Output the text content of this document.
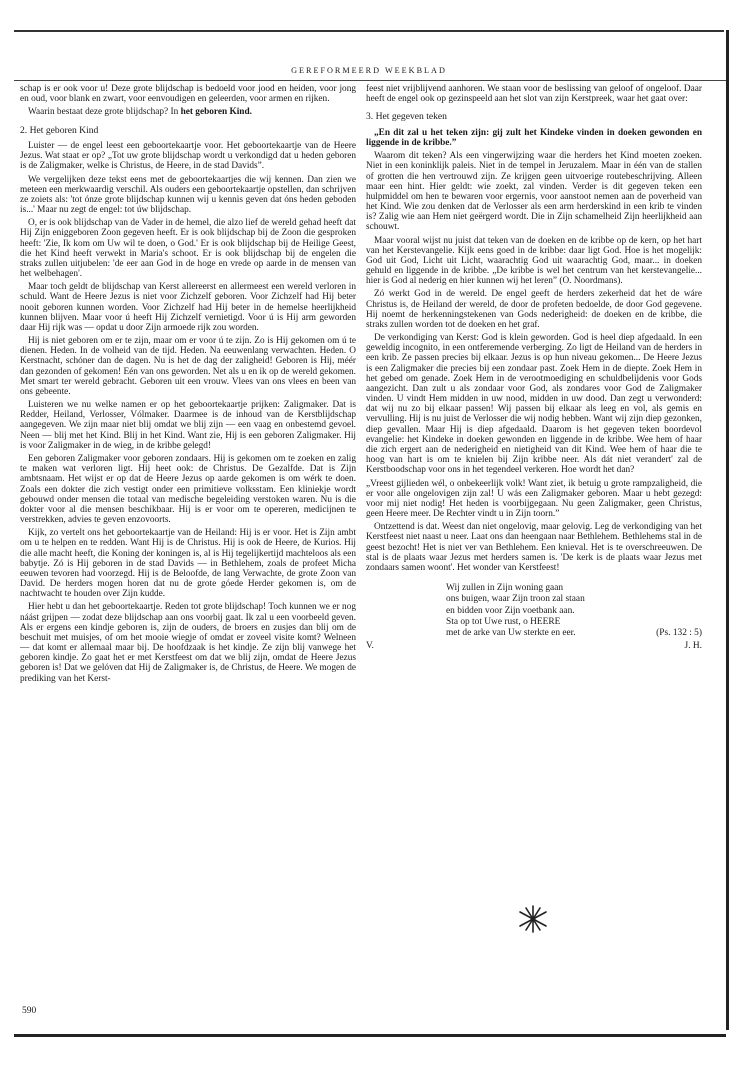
GEREFORMEERD WEEKBLAD

schap is er ook voor u! Deze grote blijdschap is bedoeld voor jood en heiden, voor jong en oud, voor blank en zwart, voor eenvoudigen en geleerden, voor armen en rijken.

Waarin bestaat deze grote blijdschap? In het geboren Kind.

2. Het geboren Kind

Luister — de engel leest een geboortekaartje voor. Het geboortekaartje van de Heere Jezus. Wat staat er op? „Tot uw grote blijdschap wordt u verkondigd dat u heden geboren is de Zaligmaker, welke is Christus, de Heere, in de stad Davids”.

We vergelijken deze tekst eens met de geboortekaartjes die wij kennen. Dan zien we meteen een merkwaardig verschil. Als ouders een geboortekaartje opstellen, dan schrijven ze zoiets als: 'tot ónze grote blijdschap kunnen wij u kennis geven dat óns heden geboden is...' Maar nu zegt de engel: tot úw blijdschap.

O, er is ook blijdschap van de Vader in de hemel, die alzo lief de wereld gehad heeft dat Hij Zijn eniggeboren Zoon gegeven heeft. Er is ook blijdschap bij de Zoon die gesproken heeft: 'Zie, Ik kom om Uw wil te doen, o God.' Er is ook blijdschap bij de Heilige Geest, die het Kind heeft verwekt in Maria's schoot. Er is ook blijdschap bij de engelen die straks zullen uitjubelen: 'de eer aan God in de hoge en vrede op aarde in de mensen van het welbehagen'.

Maar toch geldt de blijdschap van Kerst allereerst en allermeest een wereld verloren in schuld. Want de Heere Jezus is niet voor Zichzelf geboren. Voor Zichzelf had Hij beter nooit geboren kunnen worden. Voor Zichzelf had Hij beter in de hemelse heerlijkheid kunnen blijven. Maar voor ú heeft Hij Zichzelf vernietigd. Voor ú is Hij arm geworden daar Hij rijk was — opdat u door Zijn armoede rijk zou worden.

Hij is niet geboren om er te zijn, maar om er voor ú te zijn. Zo is Hij gekomen om ú te dienen. Heden. In de volheid van de tijd. Heden. Na eeuwenlang verwachten. Heden. O Kerstnacht, schóner dan de dagen. Nu is het de dag der zaligheid! Geboren is Hij, méér dan gezonden of gekomen! Eén van ons geworden. Net als u en ik op de wereld gekomen. Met smart ter wereld gebracht. Geboren uit een vrouw. Vlees van ons vlees en been van ons gebeente.

Luisteren we nu welke namen er op het geboortekaartje prijken: Zaligmaker. Dat is Redder, Heiland, Verlosser, Vólmaker. Daarmee is de inhoud van de Kerstblijdschap aangegeven. We zijn maar niet blij omdat we blij zijn — een vaag en onbestemd gevoel. Neen — blij met het Kind. Blij in het Kind. Want zie, Hij is een geboren Zaligmaker. Hij is voor Zaligmaker in de wieg, in de kribbe gelegd!

Een geboren Zaligmaker voor geboren zondaars. Hij is gekomen om te zoeken en zalig te maken wat verloren ligt. Hij heet ook: de Christus. De Gezalfde. Dat is Zijn ambtsnaam. Het wijst er op dat de Heere Jezus op aarde gekomen is om wérk te doen. Zoals een dokter die zich vestigt onder een primitieve volksstam. Een kliniekje wordt gebouwd onder mensen die totaal van medische begeleiding verstoken waren. Nu is die dokter voor al die mensen beschikbaar. Hij is er voor om te opereren, medicijnen te verstrekken, advies te geven enzovoorts.

Kijk, zo vertelt ons het geboortekaartje van de Heiland: Hij is er voor. Het is Zijn ambt om u te helpen en te redden. Want Hij is de Christus. Hij is ook de Heere, de Kurios. Hij die alle macht heeft, die Koning der koningen is, al is Hij tegelijkertijd machteloos als een babytje. Zó is Hij geboren in de stad Davids — in Bethlehem, zoals de profeet Micha eeuwen tevoren had voorzegd. Hij is de Beloofde, de lang Verwachte, de grote Zoon van David. De herders mogen horen dat nu de grote góede Herder gekomen is, om de nachtwacht te houden over Zijn kudde.

Hier hebt u dan het geboortekaartje. Reden tot grote blijdschap! Toch kunnen we er nog náást grijpen — zodat deze blijdschap aan ons voorbij gaat. Ik zal u een voorbeeld geven. Als er ergens een kindje geboren is, zijn de ouders, de broers en zusjes dan blij om de beschuit met muisjes, of om het mooie wiegje of omdat er zoveel visite komt? Welneen — dat komt er allemaal maar bij. De hoofdzaak is het kindje. Ze zijn blij vanwege het geboren kindje. Zo gaat het er met Kerstfeest om dat we blij zijn, omdat de Heere Jezus geboren is! Dat we gelóven dat Hij de Zaligmaker is, de Christus, de Heere. We mogen de prediking van het Kerst-

feest niet vrijblijvend aanhoren. We staan voor de beslissing van geloof of ongeloof. Daar heeft de engel ook op gezinspeeld aan het slot van zijn Kerstpreek, waar het gaat over:

3. Het gegeven teken

„En dit zal u het teken zijn: gij zult het Kindeke vinden in doeken gewonden en liggende in de kribbe.”

Waarom dit teken? Als een vingerwijzing waar die herders het Kind moeten zoeken. Niet in een koninklijk paleis. Niet in de tempel in Jeruzalem. Maar in één van de stallen of grotten die hen vertrouwd zijn. Ze krijgen geen uitvoerige routebeschrijving. Alleen maar een hint. Hier geldt: wie zoekt, zal vinden. Verder is dit gegeven teken een hulpmiddel om hen te bewaren voor ergernis, voor aanstoot nemen aan de poverheid van het Kind. Wie zou denken dat de Verlosser als een arm herderskind in een krib te vinden is? Zalig wie aan Hem niet geërgerd wordt. Die in Zijn schamelheid Zijn heerlijkheid aan schouwt.

Maar vooral wijst nu juist dat teken van de doeken en de kribbe op de kern, op het hart van het Kerstevangelie. Kijk eens goed in de kribbe: daar ligt God. Hoe is het mogelijk: God uit God, Licht uit Licht, waarachtig God uit waarachtig God, maar... in doeken gehuld en liggende in de kribbe. „De kribbe is wel het centrum van het kerstevangelie... hier is God al nederig en hier kunnen wij het leren” (O. Noordmans).

Zó werkt God in de wereld. De engel geeft de herders zekerheid dat het de wáre Christus is, de Heiland der wereld, de door de profeten bedoelde, de door God gegevene. Hij noemt de herkenningstekenen van Gods nederigheid: de doeken en de kribbe, die straks zullen worden tot de doeken en het graf.

De verkondiging van Kerst: God is klein geworden. God is heel diep afgedaald. In een geweldig incognito, in een ontferemende verberging. Zo ligt de Heiland van de herders in een krib. Ze passen precies bij elkaar. Jezus is op hun niveau gekomen... De Heere Jezus is een Zaligmaker die precies bij een zondaar past. Zoek Hem in de diepte. Zoek Hem in het gebed om genade. Zoek Hem in de verootmoediging en schuldbelijdenis voor Gods aangezicht. Dan zult u als zondaar voor God, als zondares voor God de Zaligmaker vinden. U vindt Hem midden in uw nood, midden in uw dood. Dan zegt u verwonderd: dat wij nu zo bij elkaar passen! Wij passen bij elkaar als leeg en vol, als gemis en vervulling. Hij is nu juist de Verlosser die wij nodig hebben. Want wij zijn diep gezonken, diep gevallen. Maar Hij is diep afgedaald. Daarom is het gegeven teken boordevol evangelie: het Kindeke in doeken gewonden en liggende in de kribbe. Wee hem of haar die zich ergert aan de nederigheid en nietigheid van dit Kind. Wee hem of haar die te hoog van hart is om te knielen bij Zijn kribbe neer. Als dát niet verandert' zal de Kerstboodschap voor ons in het tegendeel verkeren. Hoe wordt het dan?

„Vreest gijlieden wél, o onbekeerlijk volk! Want ziet, ik betuig u grote rampzaligheid, die er voor alle ongelovigen zijn zal! U wás een Zaligmaker geboren. Maar u hebt gezegd: voor mij niet nodig! Het heden is voorbijgegaan. Nu geen Zaligmaker, geen Christus, geen Heere meer. De Rechter vindt u in Zijn toorn.”

Ontzettend is dat. Weest dan niet ongelovig, maar gelovig. Leg de verkondiging van het Kerstfeest niet naast u neer. Laat ons dan heengaan naar Bethlehem. Bethlehems stal in de geest bezocht! Het is niet ver van Bethlehem. Een knieval. Het is te overschreeuwen. De stal is de plaats waar Jezus met herders samen is. 'De kerk is de plaats waar Jezus met zondaars samen woont'. Het wonder van Kerstfeest!

Wij zullen in Zijn woning gaan
ons buigen, waar Zijn troon zal staan
en bidden voor Zijn voetbank aan.
Sta op tot Uwe rust, o HEERE
met de arke van Uw sterkte en eer.	(Ps. 132 : 5)
V.	J. H.
590
